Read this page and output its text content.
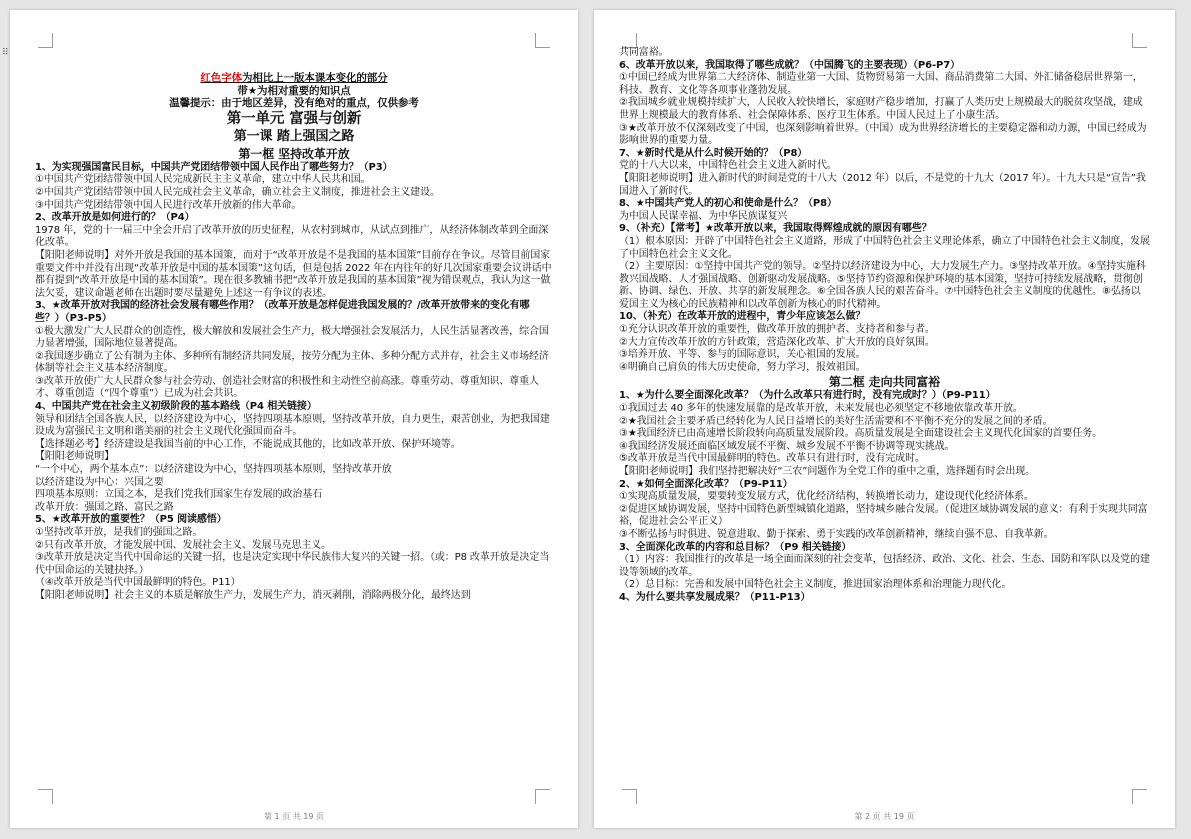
⠿

红色字体为相比上一版本课本变化的部分

带★为相对重要的知识点

温馨提示：由于地区差异，没有绝对的重点，仅供参考

第一单元 富强与创新

第一课 踏上强国之路

第一框 坚持改革开放

1、为实现强国富民目标，中国共产党团结带领中国人民作出了哪些努力？（P3）

①中国共产党团结带领中国人民完成新民主主义革命，建立中华人民共和国。

②中国共产党团结带领中国人民完成社会主义革命，确立社会主义制度，推进社会主义建设。

③中国共产党团结带领中国人民进行改革开放新的伟大革命。

2、改革开放是如何进行的？（P4）

1978 年，党的十一届三中全会开启了改革开放的历史征程，从农村到城市，从试点到推广，从经济体制改革到全面深化改革。

【阳阳老师说明】对外开放是我国的基本国策，而对于“改革开放是不是我国的基本国策”目前存在争议。尽管目前国家重要文件中并没有出现“改革开放是中国的基本国策”这句话，但是包括 2022 年在内往年的好几次国家重要会议讲话中都有提到“改革开放是中国的基本国策”。现在很多教辅书把“改革开放是我国的基本国策”视为错误观点，我认为这一做法欠妥，建议命题老师在出题时要尽量避免上述这一有争议的表述。

3、★改革开放对我国的经济社会发展有哪些作用？（改革开放是怎样促进我国发展的？/改革开放带来的变化有哪些？）（P3-P5）

①极大激发广大人民群众的创造性，极大解放和发展社会生产力，极大增强社会发展活力，人民生活显著改善，综合国力显著增强，国际地位显著提高。

②我国逐步确立了公有制为主体、多种所有制经济共同发展，按劳分配为主体、多种分配方式并存，社会主义市场经济体制等社会主义基本经济制度。

③改革开放使广大人民群众参与社会劳动、创造社会财富的积极性和主动性空前高涨。尊重劳动、尊重知识、尊重人才、尊重创造（“四个尊重”）已成为社会共识。

4、中国共产党在社会主义初级阶段的基本路线（P4 相关链接）

领导和团结全国各族人民，以经济建设为中心，坚持四项基本原则，坚持改革开放，自力更生，艰苦创业，为把我国建设成为富强民主文明和谐美丽的社会主义现代化强国而奋斗。

【选择题必考】经济建设是我国当前的中心工作，不能说成其他的，比如改革开放、保护环境等。

【阳阳老师说明】

“一个中心，两个基本点”：以经济建设为中心，坚持四项基本原则，坚持改革开放

以经济建设为中心：兴国之要

四项基本原则：立国之本，是我们党我们国家生存发展的政治基石

改革开放：强国之路、富民之路

5、★改革开放的重要性？（P5 阅读感悟）

①坚持改革开放，是我们的强国之路。

②只有改革开放，才能发展中国、发展社会主义、发展马克思主义。

③改革开放是决定当代中国命运的关键一招，也是决定实现中华民族伟大复兴的关键一招。（或：P8 改革开放是决定当代中国命运的关键抉择。）

（④改革开放是当代中国最鲜明的特色。P11）

【阳阳老师说明】社会主义的本质是解放生产力，发展生产力，消灭剥削，消除两极分化，最终达到

第 1 页 共 19 页

共同富裕。

6、改革开放以来，我国取得了哪些成就？（中国腾飞的主要表现）（P6-P7）

①中国已经成为世界第二大经济体、制造业第一大国、货物贸易第一大国、商品消费第二大国、外汇储备稳居世界第一，科技、教育、文化等各项事业蓬勃发展。

②我国城乡就业规模持续扩大，人民收入较快增长，家庭财产稳步增加，打赢了人类历史上规模最大的脱贫攻坚战，建成世界上规模最大的教育体系、社会保障体系、医疗卫生体系。中国人民过上了小康生活。

③★改革开放不仅深刻改变了中国，也深刻影响着世界。（中国）成为世界经济增长的主要稳定器和动力源，中国已经成为影响世界的重要力量。

7、★新时代是从什么时候开始的？（P8）

党的十八大以来，中国特色社会主义进入新时代。

【阳阳老师说明】进入新时代的时间是党的十八大（2012 年）以后，不是党的十九大（2017 年）。十九大只是“宣告”我国进入了新时代。

8、★中国共产党人的初心和使命是什么？（P8）

为中国人民谋幸福、为中华民族谋复兴

9、（补充）【常考】★改革开放以来，我国取得辉煌成就的原因有哪些？

（1）根本原因：开辟了中国特色社会主义道路，形成了中国特色社会主义理论体系，确立了中国特色社会主义制度，发展了中国特色社会主义文化。

（2）主要原因：①坚持中国共产党的领导。②坚持以经济建设为中心，大力发展生产力。③坚持改革开放。④坚持实施科教兴国战略、人才强国战略、创新驱动发展战略。⑤坚持节约资源和保护环境的基本国策，坚持可持续发展战略，贯彻创新、协调、绿色、开放、共享的新发展理念。⑥全国各族人民的艰苦奋斗。⑦中国特色社会主义制度的优越性。⑧弘扬以爱国主义为核心的民族精神和以改革创新为核心的时代精神。

10、（补充）在改革开放的进程中，青少年应该怎么做？

①充分认识改革开放的重要性，做改革开放的拥护者、支持者和参与者。

②大力宣传改革开放的方针政策，营造深化改革、扩大开放的良好氛围。

③培养开放、平等、参与的国际意识，关心祖国的发展。

④明确自己肩负的伟大历史使命，努力学习，报效祖国。

第二框 走向共同富裕

1、★为什么要全面深化改革？（为什么改革只有进行时，没有完成时？）（P9-P11）

①我国过去 40 多年的快速发展靠的是改革开放，未来发展也必须坚定不移地依靠改革开放。

②★我国社会主要矛盾已经转化为人民日益增长的美好生活需要和不平衡不充分的发展之间的矛盾。

③★我国经济已由高速增长阶段转向高质量发展阶段。高质量发展是全面建设社会主义现代化国家的首要任务。

④我国经济发展还面临区域发展不平衡、城乡发展不平衡不协调等现实挑战。

⑤改革开放是当代中国最鲜明的特色。改革只有进行时，没有完成时。

【阳阳老师说明】我们坚持把解决好“三农”问题作为全党工作的重中之重，选择题有时会出现。

2、★如何全面深化改革？（P9-P11）

①实现高质量发展，要要转变发展方式，优化经济结构，转换增长动力，建设现代化经济体系。

②促进区域协调发展，坚持中国特色新型城镇化道路，坚持城乡融合发展。（促进区域协调发展的意义：有利于实现共同富裕，促进社会公平正义）

③不断弘扬与时俱进、锐意进取、勤于探索、勇于实践的改革创新精神，继续自强不息、自我革新。

3、全面深化改革的内容和总目标？（P9 相关链接）

（1）内容：我国推行的改革是一场全面而深刻的社会变革，包括经济、政治、文化、社会、生态、国防和军队以及党的建设等领域的改革。

（2）总目标：完善和发展中国特色社会主义制度，推进国家治理体系和治理能力现代化。

4、为什么要共享发展成果？（P11-P13）

第 2 页 共 19 页
